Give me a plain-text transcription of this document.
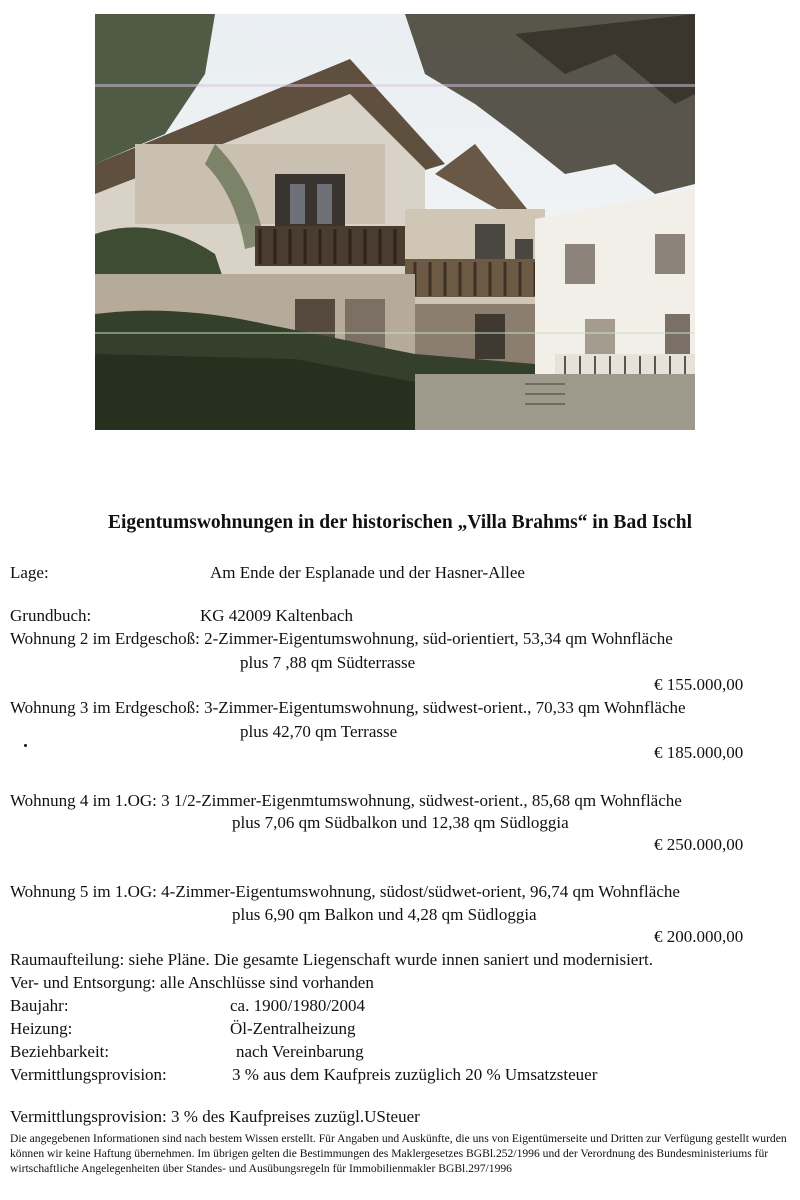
Eigentumswohnungen in der historischen „Villa Brahms“ in Bad Ischl
Lage:	Am Ende der Esplanade und der Hasner-Allee
Grundbuch:	KG 42009 Kaltenbach
Wohnung 2 im Erdgeschoß: 2-Zimmer-Eigentumswohnung, süd-orientiert, 53,34 qm Wohnfläche
plus 7 ,88 qm Südterrasse
€ 155.000,00
Wohnung 3 im Erdgeschoß: 3-Zimmer-Eigentumswohnung, südwest-orient., 70,33 qm Wohnfläche
plus 42,70 qm Terrasse
€ 185.000,00
Wohnung 4 im 1.OG: 3 1/2-Zimmer-Eigenmtumswohnung, südwest-orient., 85,68 qm Wohnfläche
plus 7,06 qm Südbalkon und 12,38 qm Südloggia
€ 250.000,00
Wohnung 5 im 1.OG: 4-Zimmer-Eigentumswohnung, südost/südwet-orient, 96,74 qm Wohnfläche
plus 6,90 qm Balkon und 4,28 qm Südloggia
€ 200.000,00
Raumaufteilung: siehe Pläne. Die gesamte Liegenschaft wurde innen saniert und modernisiert.
Ver- und Entsorgung: alle Anschlüsse sind vorhanden
Baujahr:	ca. 1900/1980/2004
Heizung:	Öl-Zentralheizung
Beziehbarkeit:	nach Vereinbarung
Vermittlungsprovision:	3 % aus dem Kaufpreis zuzüglich 20 % Umsatzsteuer
Vermittlungsprovision: 3 % des Kaufpreises zuzügl.USteuer
Die angegebenen Informationen sind nach bestem Wissen erstellt. Für Angaben und Auskünfte, die uns von Eigentümerseite und Dritten zur Verfügung gestellt wurden können wir keine Haftung übernehmen. Im übrigen gelten die Bestimmungen des Maklergesetzes BGBl.252/1996 und der Verordnung des Bundesministeriums für wirtschaftliche Angelegenheiten über Standes- und Ausübungsregeln für Immobilienmakler BGBl.297/1996
